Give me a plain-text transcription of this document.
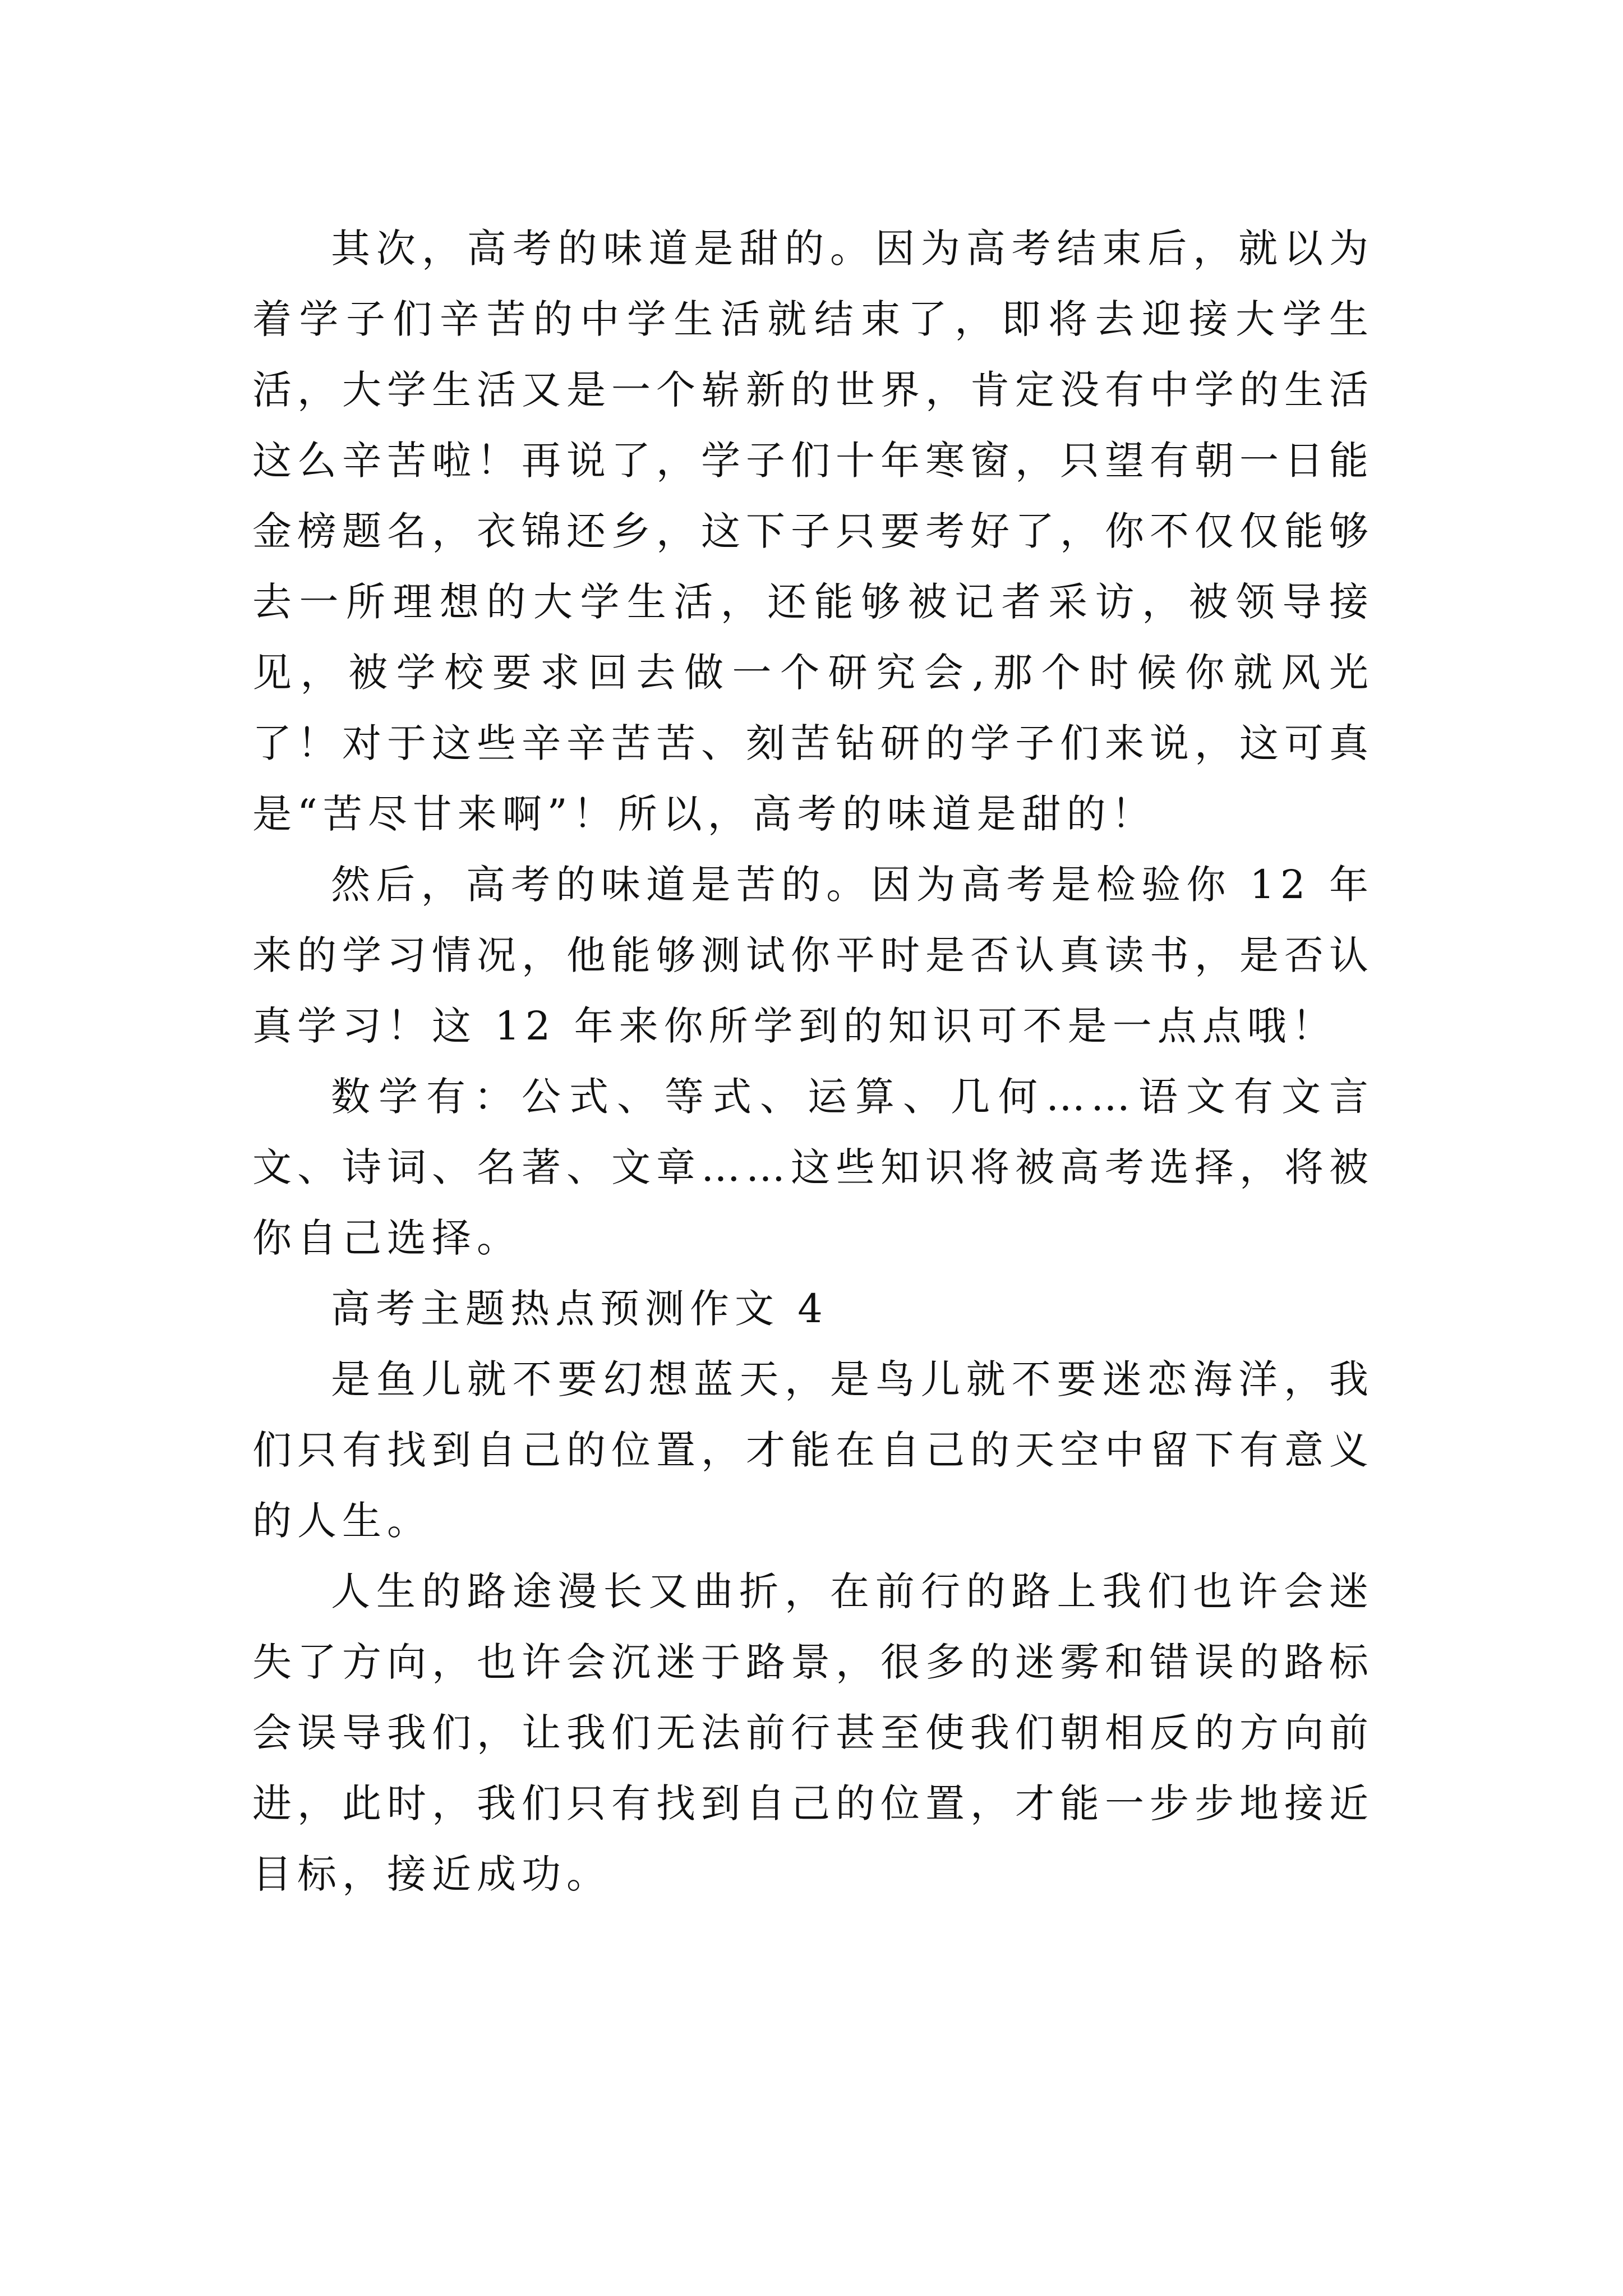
其次，高考的味道是甜的。因为高考结束后，就以为着学子们辛苦的中学生活就结束了，即将去迎接大学生活，大学生活又是一个崭新的世界，肯定没有中学的生活这么辛苦啦！再说了，学子们十年寒窗，只望有朝一日能金榜题名，衣锦还乡，这下子只要考好了，你不仅仅能够去一所理想的大学生活，还能够被记者采访，被领导接见，被学校要求回去做一个研究会,那个时候你就风光了！对于这些辛辛苦苦、刻苦钻研的学子们来说，这可真是“苦尽甘来啊”！所以，高考的味道是甜的！

然后，高考的味道是苦的。因为高考是检验你 12 年来的学习情况，他能够测试你平时是否认真读书，是否认真学习！这 12 年来你所学到的知识可不是一点点哦！

数学有：公式、等式、运算、几何……语文有文言文、诗词、名著、文章……这些知识将被高考选择，将被你自己选择。

高考主题热点预测作文 4

是鱼儿就不要幻想蓝天，是鸟儿就不要迷恋海洋，我们只有找到自己的位置，才能在自己的天空中留下有意义的人生。

人生的路途漫长又曲折，在前行的路上我们也许会迷失了方向，也许会沉迷于路景，很多的迷雾和错误的路标会误导我们，让我们无法前行甚至使我们朝相反的方向前进，此时，我们只有找到自己的位置，才能一步步地接近目标，接近成功。
